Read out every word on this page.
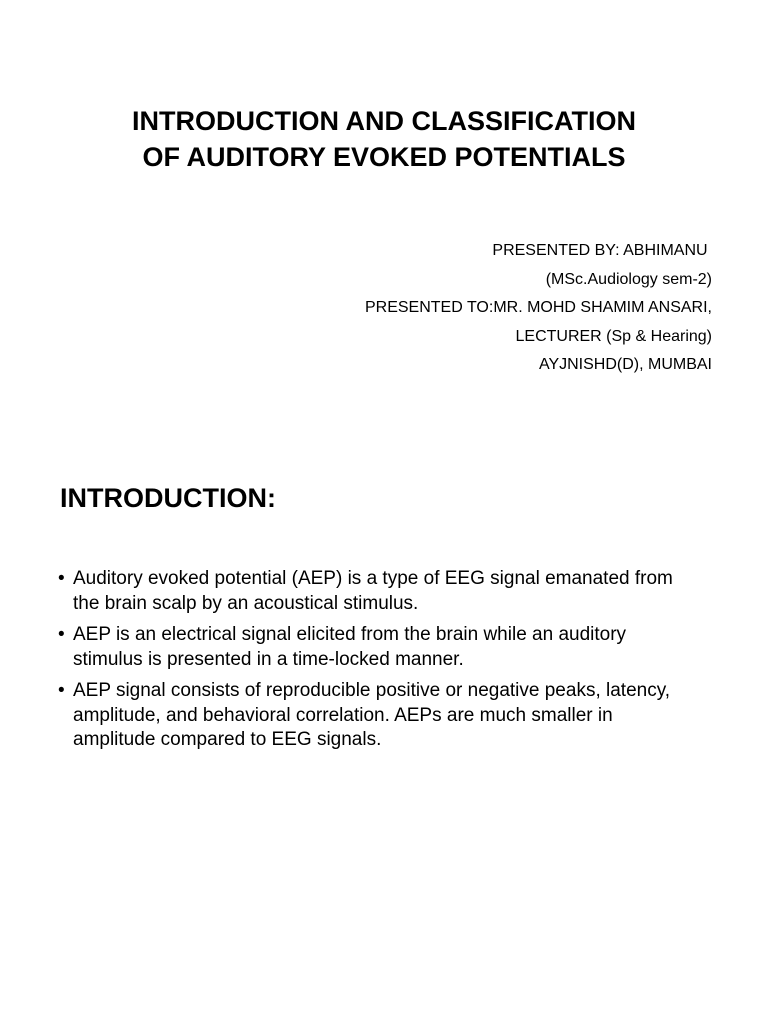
INTRODUCTION AND CLASSIFICATION
OF AUDITORY EVOKED POTENTIALS
PRESENTED BY: ABHIMANU
(MSc.Audiology sem-2)
PRESENTED TO:MR. MOHD SHAMIM ANSARI,
LECTURER (Sp & Hearing)
AYJNISHD(D), MUMBAI
INTRODUCTION:
• Auditory evoked potential (AEP) is a type of EEG signal emanated from the brain scalp by an acoustical stimulus.
• AEP is an electrical signal elicited from the brain while an auditory stimulus is presented in a time-locked manner.
• AEP signal consists of reproducible positive or negative peaks, latency, amplitude, and behavioral correlation. AEPs are much smaller in amplitude compared to EEG signals.
